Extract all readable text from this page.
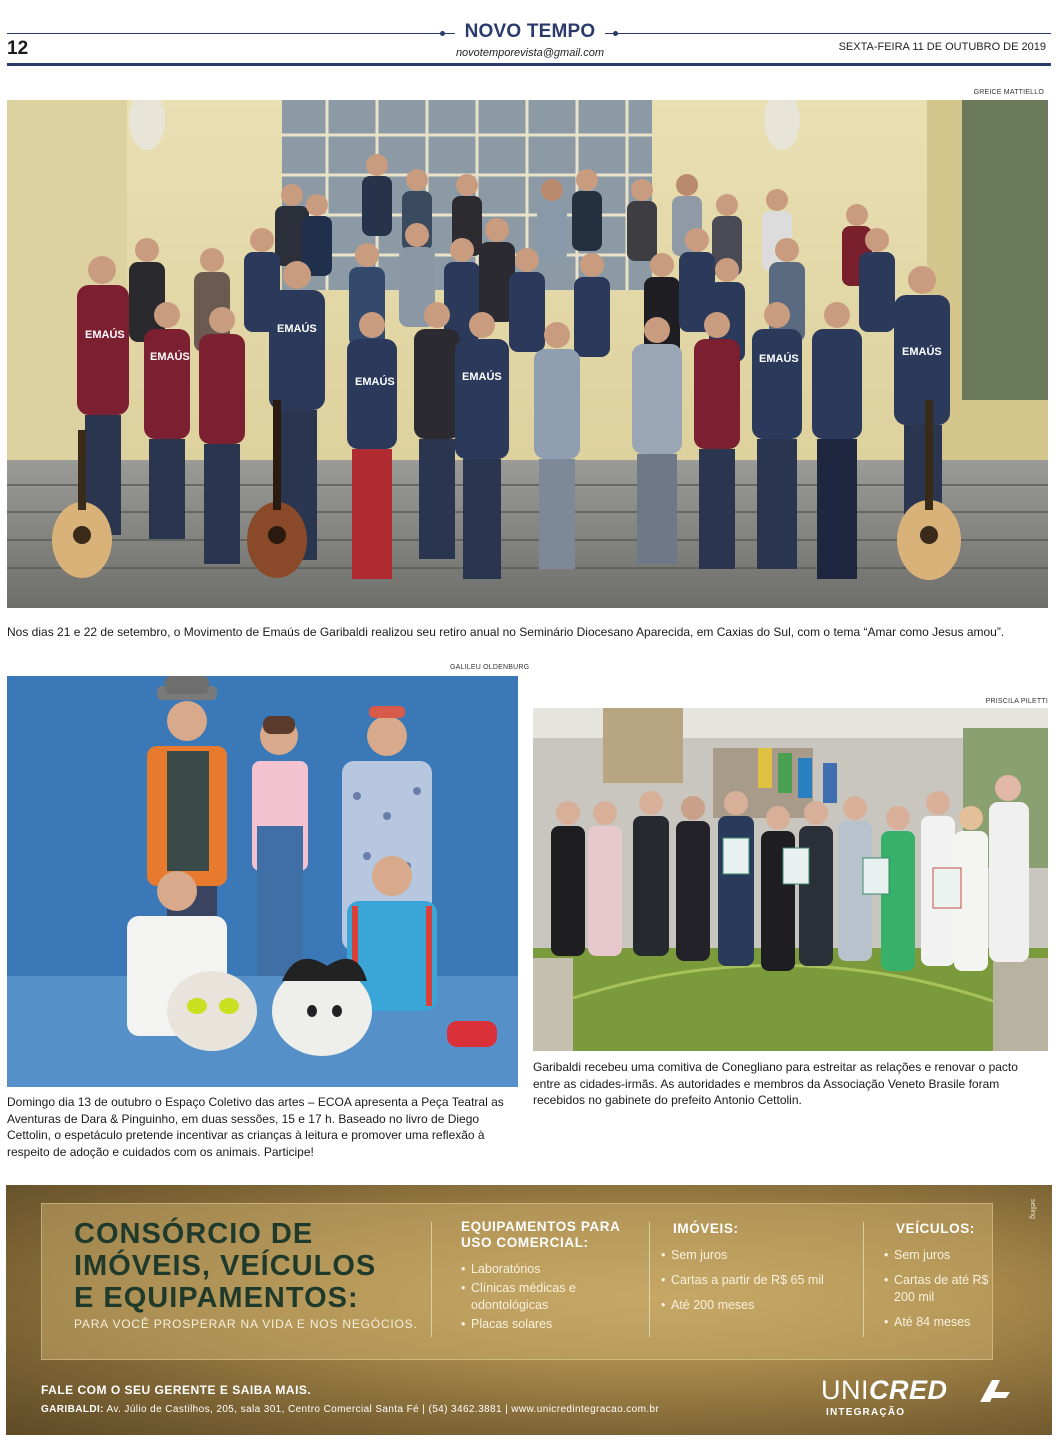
NOVO TEMPO
12	novotemporevista@gmail.com	SEXTA-FEIRA 11 DE OUTUBRO DE 2019
GREICE MATTIELLO
EMAÚS
EMAÚS
EMAÚS
EMAÚS
EMAÚS
EMAÚS
EMAÚS
Nos dias 21 e 22 de setembro, o Movimento de Emaús de Garibaldi realizou seu retiro anual no Seminário Diocesano Aparecida, em Caxias do Sul, com o tema “Amar como Jesus amou”.
GALILEU OLDENBURG
Domingo dia 13 de outubro o Espaço Coletivo das artes – ECOA apresenta a Peça Teatral as Aventuras de Dara & Pinguinho, em duas sessões, 15 e 17 h. Baseado no livro de Diego Cettolin, o espetáculo pretende incentivar as crianças à leitura e promover uma reflexão à respeito de adoção e cuidados com os animais. Participe!
PRISCILA PILETTI
Garibaldi recebeu uma comitiva de Conegliano para estreitar as relações e renovar o pacto entre as cidades-irmãs. As autoridades e membros da Associação Veneto Brasile foram recebidos no gabinete do prefeito Antonio Cettolin.
CONSÓRCIO DE
IMÓVEIS, VEÍCULOS
E EQUIPAMENTOS:
PARA VOCÊ PROSPERAR NA VIDA E NOS NEGÓCIOS.
EQUIPAMENTOS PARA USO COMERCIAL:
• Laboratórios
• Clínicas médicas e odontológicas
• Placas solares
IMÓVEIS:
• Sem juros
• Cartas a partir de R$ 65 mil
• Até 200 meses
VEÍCULOS:
• Sem juros
• Cartas de até R$ 200 mil
• Até 84 meses
FALE COM O SEU GERENTE E SAIBA MAIS.
GARIBALDI: Av. Júlio de Castilhos, 205, sala 301, Centro Comercial Santa Fé | (54) 3462.3881 | www.unicredintegracao.com.br
UNICRED
INTEGRAÇÃO
selling
